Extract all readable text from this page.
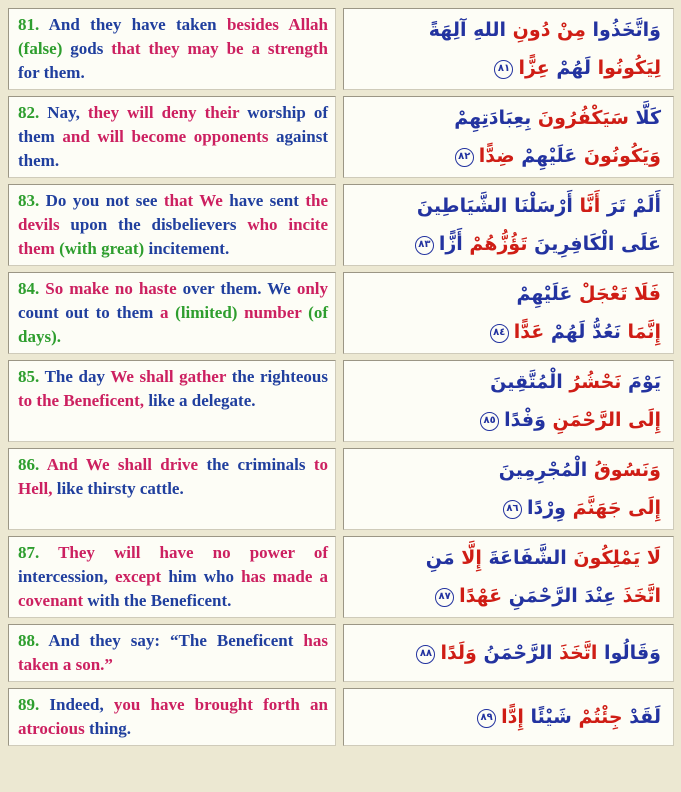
81. And they have taken besides Allah (false) gods that they may be a strength for them.
وَاتَّخَذُوا مِنْ دُونِ اللهِ آلِهَةً
لِيَكُونُوا لَهُمْ عِزًّا٨١
82. Nay, they will deny their worship of them and will become opponents against them.
كَلَّا سَيَكْفُرُونَ بِعِبَادَتِهِمْ
وَيَكُونُونَ عَلَيْهِمْ ضِدًّا٨٢
83. Do you not see that We have sent the devils upon the disbelievers who incite them (with great) incitement.
أَلَمْ تَرَ أَنَّا أَرْسَلْنَا الشَّيَاطِينَ
عَلَى الْكَافِرِينَ تَؤُزُّهُمْ أَزًّا٨٣
84. So make no haste over them. We only count out to them a (limited) number (of days).
فَلَا تَعْجَلْ عَلَيْهِمْ
إِنَّمَا نَعُدُّ لَهُمْ عَدًّا٨٤
85. The day We shall gather the righteous to the Beneficent, like a delegate.
يَوْمَ نَحْشُرُ الْمُتَّقِينَ
إِلَى الرَّحْمَنِ وَفْدًا٨٥
86. And We shall drive the criminals to Hell, like thirsty cattle.
وَنَسُوقُ الْمُجْرِمِينَ
إِلَى جَهَنَّمَ وِرْدًا٨٦
87. They will have no power of intercession, except him who has made a covenant with the Beneficent.
لَا يَمْلِكُونَ الشَّفَاعَةَ إِلَّا مَنِ
اتَّخَذَ عِنْدَ الرَّحْمَنِ عَهْدًا٨٧
88. And they say: “The Beneficent has taken a son.”
وَقَالُوا اتَّخَذَ الرَّحْمَنُ وَلَدًا٨٨
89. Indeed, you have brought forth an atrocious thing.
لَقَدْ جِئْتُمْ شَيْئًا إِدًّا٨٩
